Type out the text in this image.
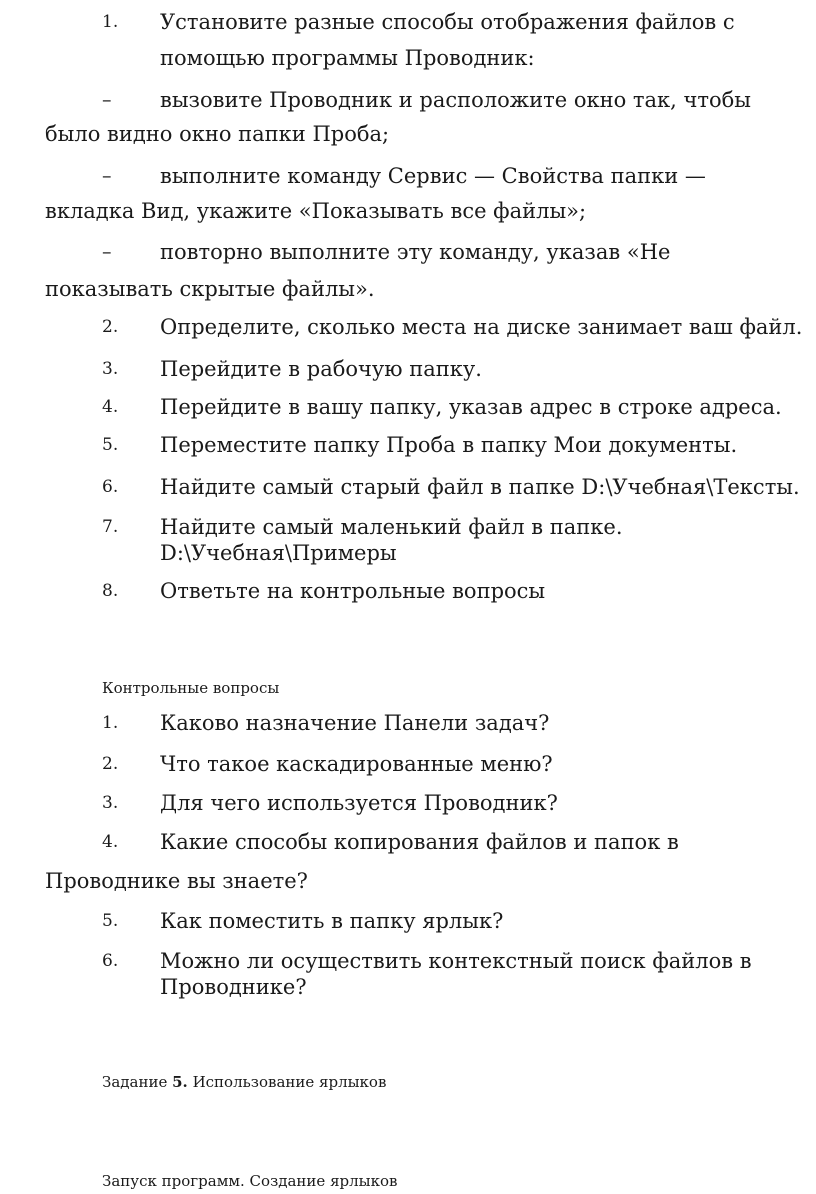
1.	Установите разные способы отображения файлов с
помощью программы Проводник:
– вызовите Проводник и расположите окно так, чтобы
было видно окно папки Проба;
– выполните команду Сервис — Свойства папки —
вкладка Вид, укажите «Показывать все файлы»;
– повторно выполните эту команду, указав «Не
показывать скрытые файлы».
2.	Определите, сколько места на диске занимает ваш файл.
3.	Перейдите в рабочую папку.
4.	Перейдите в вашу папку, указав адрес в строке адреса.
5.	Переместите папку Проба в папку Мои документы.
6.	Найдите самый старый файл в папке D:\Учебная\Тексты.
7.	Найдите самый маленький файл в папке.
D:\Учебная\Примеры
8.	Ответьте на контрольные вопросы
Контрольные вопросы
1.	Каково назначение Панели задач?
2.	Что такое каскадированные меню?
3.	Для чего используется Проводник?
4.	Какие способы копирования файлов и папок в
Проводнике вы знаете?
5.	Как поместить в папку ярлык?
6.	Можно ли осуществить контекстный поиск файлов в
Проводнике?
Задание 5. Использование ярлыков
Запуск программ. Создание ярлыков
